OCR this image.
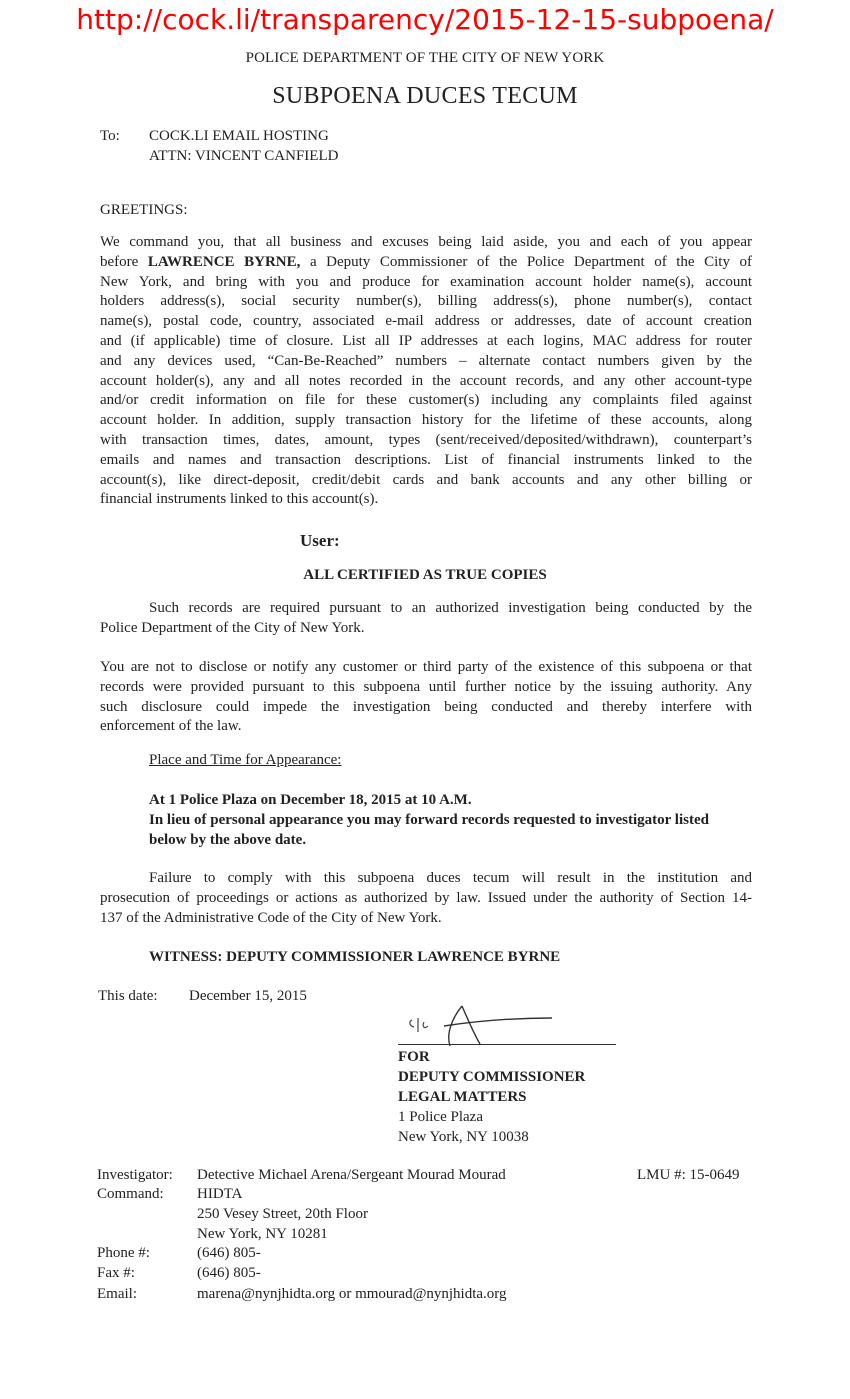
http://cock.li/transparency/2015-12-15-subpoena/
POLICE DEPARTMENT OF THE CITY OF NEW YORK
SUBPOENA DUCES TECUM
To: COCK.LI EMAIL HOSTING
ATTN: VINCENT CANFIELD
GREETINGS:
We command you, that all business and excuses being laid aside, you and each of you appear
before LAWRENCE BYRNE, a Deputy Commissioner of the Police Department of the City of
New York, and bring with you and produce for examination account holder name(s), account
holders address(s), social security number(s), billing address(s), phone number(s), contact
name(s), postal code, country, associated e-mail address or addresses, date of account creation
and (if applicable) time of closure. List all IP addresses at each logins, MAC address for router
and any devices used, “Can-Be-Reached” numbers – alternate contact numbers given by the
account holder(s), any and all notes recorded in the account records, and any other account-type
and/or credit information on file for these customer(s) including any complaints filed against
account holder. In addition, supply transaction history for the lifetime of these accounts, along
with transaction times, dates, amount, types (sent/received/deposited/withdrawn), counterpart’s
emails and names and transaction descriptions. List of financial instruments linked to the
account(s), like direct-deposit, credit/debit cards and bank accounts and any other billing or
financial instruments linked to this account(s).
User:
ALL CERTIFIED AS TRUE COPIES
Such records are required pursuant to an authorized investigation being conducted by the
Police Department of the City of New York.
You are not to disclose or notify any customer or third party of the existence of this subpoena or that
records were provided pursuant to this subpoena until further notice by the issuing authority. Any
such disclosure could impede the investigation being conducted and thereby interfere with
enforcement of the law.
Place and Time for Appearance:
At 1 Police Plaza on December 18, 2015 at 10 A.M.
In lieu of personal appearance you may forward records requested to investigator listed
below by the above date.
Failure to comply with this subpoena duces tecum will result in the institution and
prosecution of proceedings or actions as authorized by law. Issued under the authority of Section 14-
137 of the Administrative Code of the City of New York.
WITNESS: DEPUTY COMMISSIONER LAWRENCE BYRNE
This date: December 15, 2015
FOR
DEPUTY COMMISSIONER
LEGAL MATTERS
1 Police Plaza
New York, NY 10038
Investigator: Detective Michael Arena/Sergeant Mourad Mourad	LMU #: 15-0649
Command: HIDTA
250 Vesey Street, 20th Floor
New York, NY 10281
Phone #:	(646) 805-
Fax #:	(646) 805-
Email:	marena@nynjhidta.org or mmourad@nynjhidta.org
